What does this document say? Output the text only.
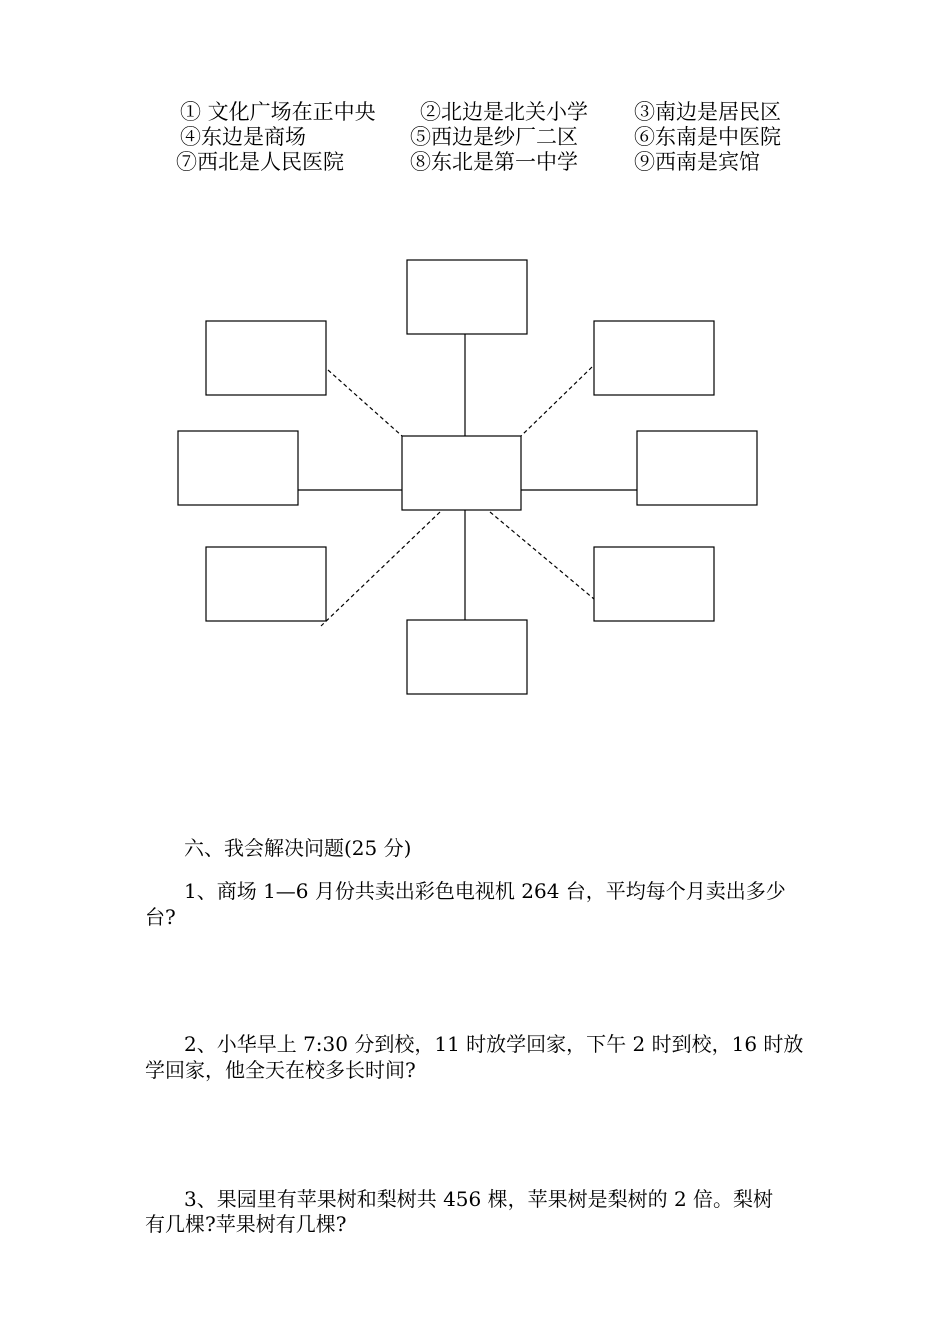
① 文化广场在正中央 ②北边是北关小学 ③南边是居民区
④东边是商场	⑤西边是纱厂二区	⑥东南是中医院
⑦西北是人民医院	⑧东北是第一中学	⑨西南是宾馆
六、我会解决问题(25 分)
1、商场 1—6 月份共卖出彩色电视机 264 台，平均每个月卖出多少
台?
2、小华早上 7:30 分到校，11 时放学回家，下午 2 时到校，16 时放
学回家，他全天在校多长时间?
3、果园里有苹果树和梨树共 456 棵，苹果树是梨树的 2 倍。梨树
有几棵?苹果树有几棵?
